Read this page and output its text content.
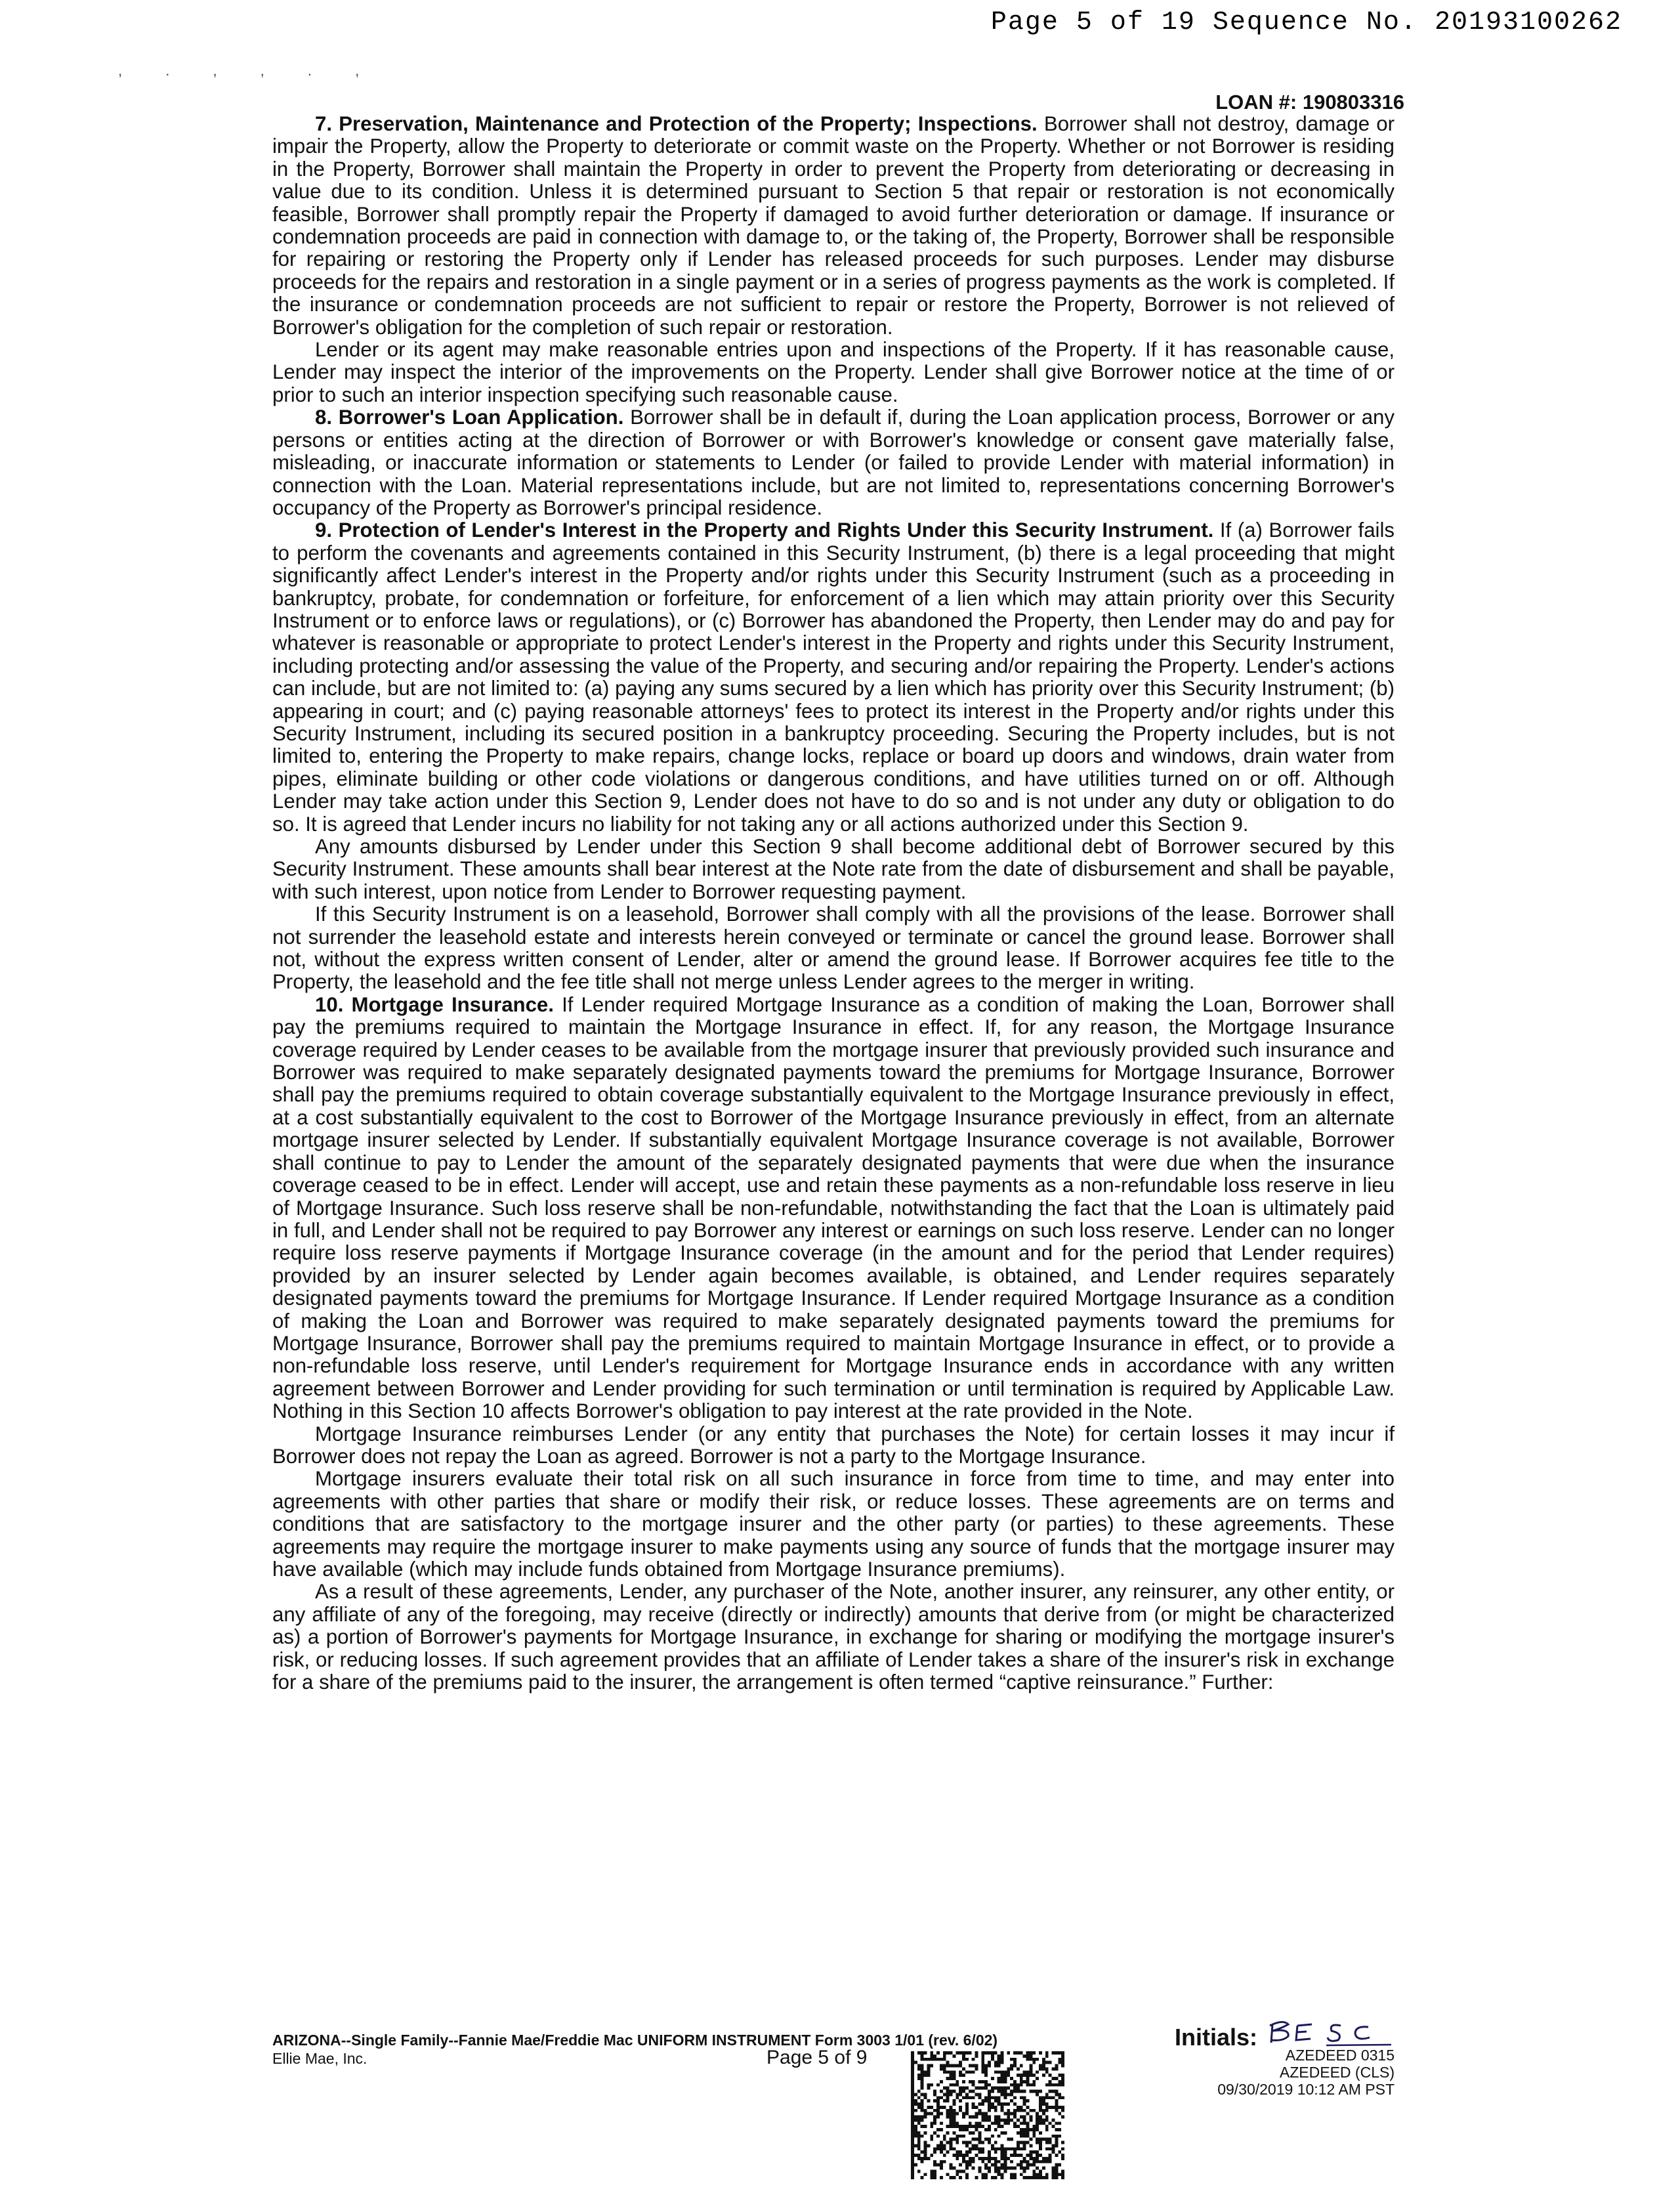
Page 5 of 19 Sequence No. 20193100262
, . , , . ,
LOAN #: 190803316

7. Preservation, Maintenance and Protection of the Property; Inspections. Borrower shall not destroy, damage or impair the Property, allow the Property to deteriorate or commit waste on the Property. Whether or not Borrower is residing in the Property, Borrower shall maintain the Property in order to prevent the Property from deteriorating or decreasing in value due to its condition. Unless it is determined pursuant to Section 5 that repair or restoration is not economically feasible, Borrower shall promptly repair the Property if damaged to avoid further deterioration or damage. If insurance or condemnation proceeds are paid in connection with damage to, or the taking of, the Property, Borrower shall be responsible for repairing or restoring the Property only if Lender has released proceeds for such purposes. Lender may disburse proceeds for the repairs and restoration in a single payment or in a series of progress payments as the work is completed. If the insurance or condemnation proceeds are not sufficient to repair or restore the Property, Borrower is not relieved of Borrower's obligation for the completion of such repair or restoration.

Lender or its agent may make reasonable entries upon and inspections of the Property. If it has reasonable cause, Lender may inspect the interior of the improvements on the Property. Lender shall give Borrower notice at the time of or prior to such an interior inspection specifying such reasonable cause.

8. Borrower's Loan Application. Borrower shall be in default if, during the Loan application process, Borrower or any persons or entities acting at the direction of Borrower or with Borrower's knowledge or consent gave materially false, misleading, or inaccurate information or statements to Lender (or failed to provide Lender with material information) in connection with the Loan. Material representations include, but are not limited to, representations concerning Borrower's occupancy of the Property as Borrower's principal residence.

9. Protection of Lender's Interest in the Property and Rights Under this Security Instrument. If (a) Borrower fails to perform the covenants and agreements contained in this Security Instrument, (b) there is a legal proceeding that might significantly affect Lender's interest in the Property and/or rights under this Security Instrument (such as a proceeding in bankruptcy, probate, for condemnation or forfeiture, for enforcement of a lien which may attain priority over this Security Instrument or to enforce laws or regulations), or (c) Borrower has abandoned the Property, then Lender may do and pay for whatever is reasonable or appropriate to protect Lender's interest in the Property and rights under this Security Instrument, including protecting and/or assessing the value of the Property, and securing and/or repairing the Property. Lender's actions can include, but are not limited to: (a) paying any sums secured by a lien which has priority over this Security Instrument; (b) appearing in court; and (c) paying reasonable attorneys' fees to protect its interest in the Property and/or rights under this Security Instrument, including its secured position in a bankruptcy proceeding. Securing the Property includes, but is not limited to, entering the Property to make repairs, change locks, replace or board up doors and windows, drain water from pipes, eliminate building or other code violations or dangerous conditions, and have utilities turned on or off. Although Lender may take action under this Section 9, Lender does not have to do so and is not under any duty or obligation to do so. It is agreed that Lender incurs no liability for not taking any or all actions authorized under this Section 9.

Any amounts disbursed by Lender under this Section 9 shall become additional debt of Borrower secured by this Security Instrument. These amounts shall bear interest at the Note rate from the date of disbursement and shall be payable, with such interest, upon notice from Lender to Borrower requesting payment.

If this Security Instrument is on a leasehold, Borrower shall comply with all the provisions of the lease. Borrower shall not surrender the leasehold estate and interests herein conveyed or terminate or cancel the ground lease. Borrower shall not, without the express written consent of Lender, alter or amend the ground lease. If Borrower acquires fee title to the Property, the leasehold and the fee title shall not merge unless Lender agrees to the merger in writing.

10. Mortgage Insurance. If Lender required Mortgage Insurance as a condition of making the Loan, Borrower shall pay the premiums required to maintain the Mortgage Insurance in effect. If, for any reason, the Mortgage Insurance coverage required by Lender ceases to be available from the mortgage insurer that previously provided such insurance and Borrower was required to make separately designated payments toward the premiums for Mortgage Insurance, Borrower shall pay the premiums required to obtain coverage substantially equivalent to the Mortgage Insurance previously in effect, at a cost substantially equivalent to the cost to Borrower of the Mortgage Insurance previously in effect, from an alternate mortgage insurer selected by Lender. If substantially equivalent Mortgage Insurance coverage is not available, Borrower shall continue to pay to Lender the amount of the separately designated payments that were due when the insurance coverage ceased to be in effect. Lender will accept, use and retain these payments as a non-refundable loss reserve in lieu of Mortgage Insurance. Such loss reserve shall be non-refundable, notwithstanding the fact that the Loan is ultimately paid in full, and Lender shall not be required to pay Borrower any interest or earnings on such loss reserve. Lender can no longer require loss reserve payments if Mortgage Insurance coverage (in the amount and for the period that Lender requires) provided by an insurer selected by Lender again becomes available, is obtained, and Lender requires separately designated payments toward the premiums for Mortgage Insurance. If Lender required Mortgage Insurance as a condition of making the Loan and Borrower was required to make separately designated payments toward the premiums for Mortgage Insurance, Borrower shall pay the premiums required to maintain Mortgage Insurance in effect, or to provide a non-refundable loss reserve, until Lender's requirement for Mortgage Insurance ends in accordance with any written agreement between Borrower and Lender providing for such termination or until termination is required by Applicable Law. Nothing in this Section 10 affects Borrower's obligation to pay interest at the rate provided in the Note.

Mortgage Insurance reimburses Lender (or any entity that purchases the Note) for certain losses it may incur if Borrower does not repay the Loan as agreed. Borrower is not a party to the Mortgage Insurance.

Mortgage insurers evaluate their total risk on all such insurance in force from time to time, and may enter into agreements with other parties that share or modify their risk, or reduce losses. These agreements are on terms and conditions that are satisfactory to the mortgage insurer and the other party (or parties) to these agreements. These agreements may require the mortgage insurer to make payments using any source of funds that the mortgage insurer may have available (which may include funds obtained from Mortgage Insurance premiums).

As a result of these agreements, Lender, any purchaser of the Note, another insurer, any reinsurer, any other entity, or any affiliate of any of the foregoing, may receive (directly or indirectly) amounts that derive from (or might be characterized as) a portion of Borrower's payments for Mortgage Insurance, in exchange for sharing or modifying the mortgage insurer's risk, or reducing losses. If such agreement provides that an affiliate of Lender takes a share of the insurer's risk in exchange for a share of the premiums paid to the insurer, the arrangement is often termed “captive reinsurance.” Further:

ARIZONA--Single Family--Fannie Mae/Freddie Mac UNIFORM INSTRUMENT Form 3003 1/01 (rev. 6/02)
Ellie Mae, Inc.	Page 5 of 9
Initials:
AZEDEED 0315
AZEDEED (CLS)
09/30/2019 10:12 AM PST
